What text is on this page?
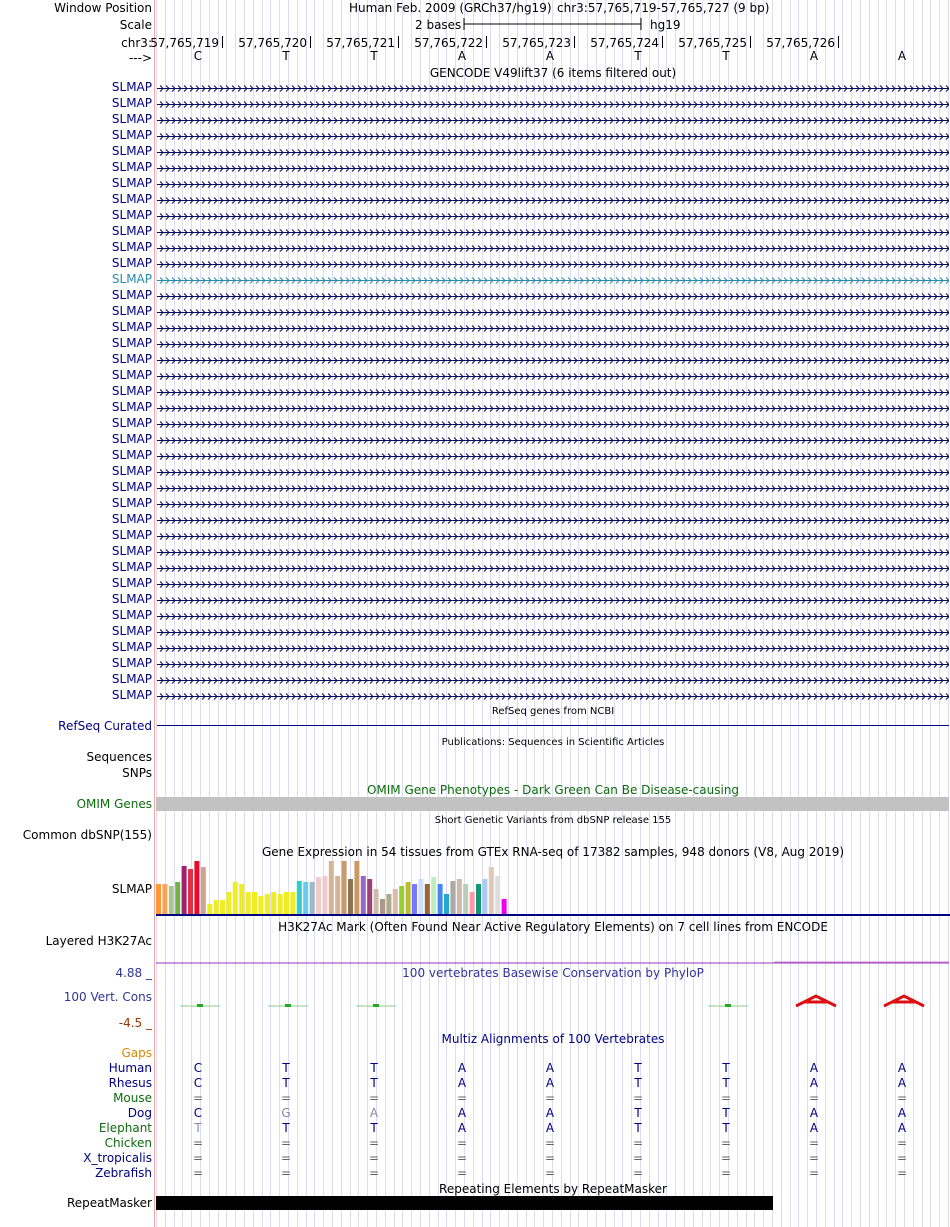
Window Position	Human Feb. 2009 (GRCh37/hg19) chr3:57,765,719-57,765,727 (9 bp)
Scale	2 bases	hg19
chr3:
57,765,719 57,765,720 57,765,721 57,765,722 57,765,723 57,765,724 57,765,725 57,765,726
--->	C	T	T	A	A	T	T	A	A
GENCODE V49lift37 (6 items filtered out)
SLMAP
SLMAP
SLMAP
SLMAP
SLMAP
SLMAP
SLMAP
SLMAP
SLMAP
SLMAP
SLMAP
SLMAP
SLMAP
SLMAP
SLMAP
SLMAP
SLMAP
SLMAP
SLMAP
SLMAP
SLMAP
SLMAP
SLMAP
SLMAP
SLMAP
SLMAP
SLMAP
SLMAP
SLMAP
SLMAP
SLMAP
SLMAP
SLMAP
SLMAP
SLMAP
SLMAP
SLMAP
SLMAP
SLMAP
RefSeq genes from NCBI
RefSeq Curated
Publications: Sequences in Scientific Articles
Sequences
SNPs
OMIM Gene Phenotypes - Dark Green Can Be Disease-causing
OMIM Genes
Short Genetic Variants from dbSNP release 155
Common dbSNP(155)
Gene Expression in 54 tissues from GTEx RNA-seq of 17382 samples, 948 donors (V8, Aug 2019)
SLMAP
H3K27Ac Mark (Often Found Near Active Regulatory Elements) on 7 cell lines from ENCODE
Layered H3K27Ac
100 vertebrates Basewise Conservation by PhyloP
4.88 _
100 Vert. Cons
-4.5 _
Multiz Alignments of 100 Vertebrates
Gaps
Human	C	T	T	A	A	T	T	A	A
Rhesus	C	T	T	A	A	T	T	A	A
Mouse	=	=	=	=	=	=	=	=	=
Dog	C	G	A	A	A	T	T	A	A
Elephant	T	T	T	A	A	T	T	A	A
Chicken	=	=	=	=	=	=	=	=	=
X_tropicalis	=	=	=	=	=	=	=	=	=
Zebrafish	=	=	=	=	=	=	=	=	=
Repeating Elements by RepeatMasker
RepeatMasker
